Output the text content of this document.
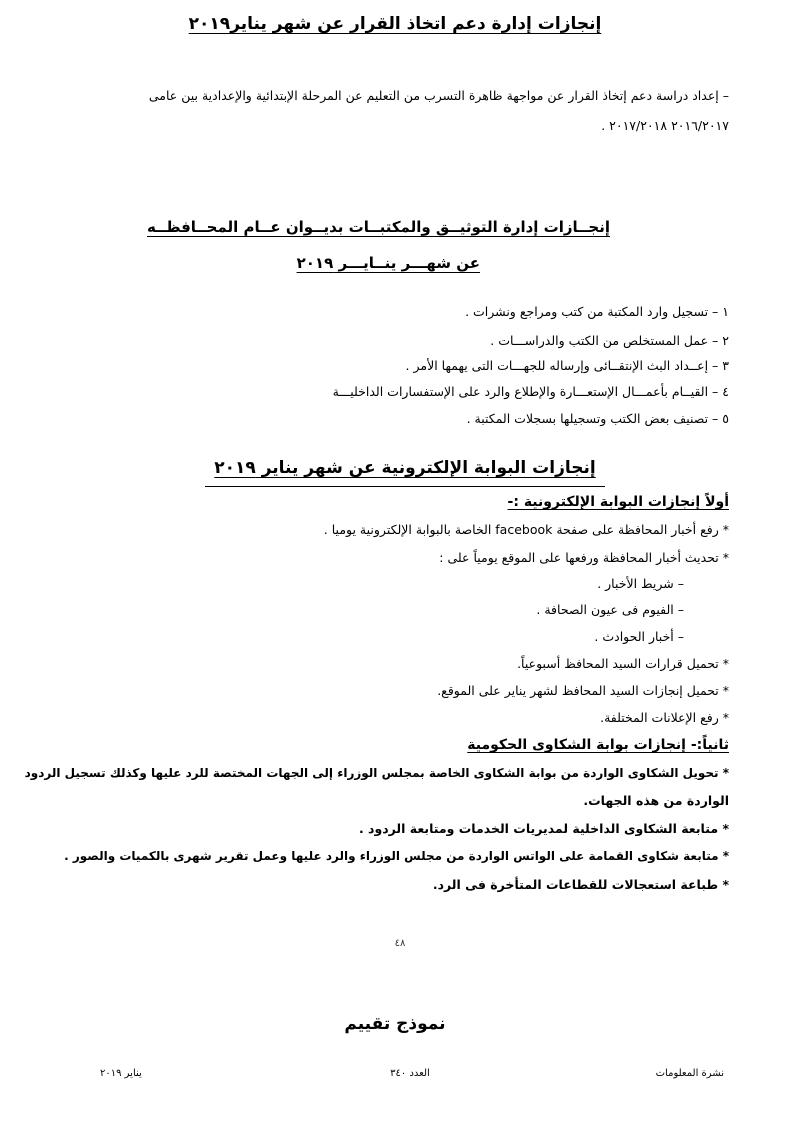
إنجازات إدارة دعم اتخاذ القرار عن شهر يناير٢٠١٩
– إعداد دراسة دعم إتخاذ القرار عن مواجهة ظاهرة التسرب من التعليم عن المرحلة الإبتدائية والإعدادية بين عامى
٢٠١٦/٢٠١٧ ٢٠١٧/٢٠١٨ .
إنجــازات إدارة التوثيــق والمكتبــات بديــوان عــام المحــافظــه
عن شهـــر ينــايـــر ٢٠١٩
١ – تسجيل وارد المكتبة من كتب ومراجع ونشرات .
٢ – عمل المستخلص من الكتب والدراســـات .
٣ – إعــداد البث الإنتقــائى وإرساله للجهـــات التى يهمها الأمر .
٤ – القيــام بأعمـــال الإستعـــارة والإطلاع والرد على الإستفسارات الداخليـــة
٥ – تصنيف بعض الكتب وتسجيلها بسجلات المكتبة .
إنجازات البوابة الإلكترونية عن شهر يناير ٢٠١٩
أولاً إنجازات البوابة الإلكترونية :-
* رفع أخبار المحافظة على صفحة facebook الخاصة بالبوابة الإلكترونية يوميا .
* تحديث أخبار المحافظة ورفعها على الموقع يومياً على :
– شريط الأخبار .
– الفيوم فى عيون الصحافة .
– أخبار الحوادث .
* تحميل قرارات السيد المحافظ أسبوعياً.
* تحميل إنجازات السيد المحافظ لشهر يناير على الموقع.
* رفع الإعلانات المختلفة.
ثانياً:- إنجازات بوابة الشكاوى الحكومية
* تحويل الشكاوى الواردة من بوابة الشكاوى الخاصة بمجلس الوزراء إلى الجهات المختصة للرد عليها وكذلك تسجيل الردود
الواردة من هذه الجهات.
* متابعة الشكاوى الداخلية لمديريات الخدمات ومتابعة الردود .
* متابعة شكاوى القمامة على الواتس الواردة من مجلس الوزراء والرد عليها وعمل تقرير شهرى بالكميات والصور .
* طباعة استعجالات للقطاعات المتأخرة فى الرد.
٤٨
نموذج تقييم
نشرة المعلومات
العدد ٣٤٠
يناير ٢٠١٩
